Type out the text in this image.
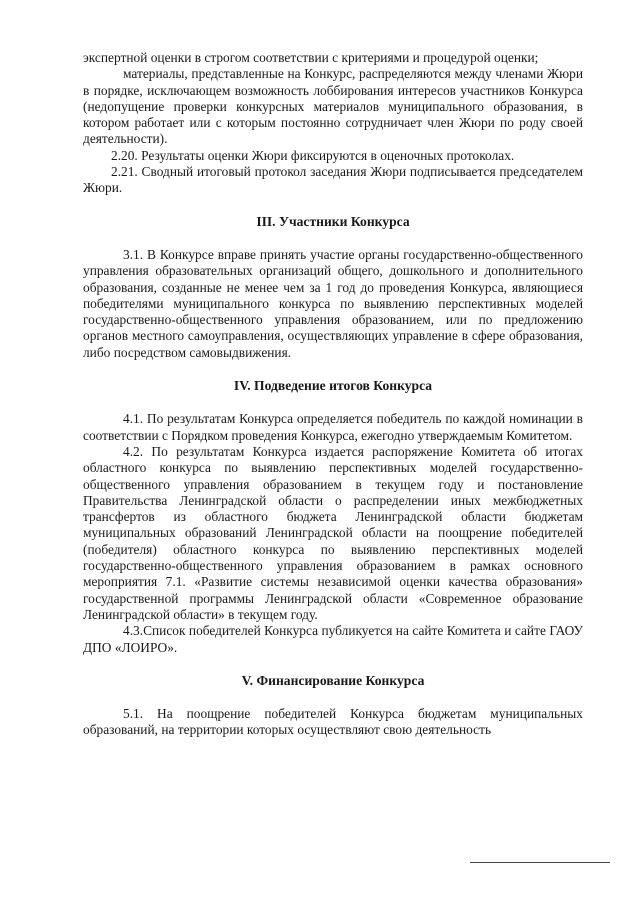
экспертной оценки в строгом соответствии с критериями и процедурой оценки;

материалы, представленные на Конкурс, распределяются между членами Жюри в порядке, исключающем возможность лоббирования интересов участников Конкурса (недопущение проверки конкурсных материалов муниципального образования, в котором работает или с которым постоянно сотрудничает член Жюри по роду своей деятельности).

2.20. Результаты оценки Жюри фиксируются в оценочных протоколах.

2.21. Сводный итоговый протокол заседания Жюри подписывается председателем Жюри.

III. Участники Конкурса

3.1. В Конкурсе вправе принять участие органы государственно-общественного управления образовательных организаций общего, дошкольного и дополнительного образования, созданные не менее чем за 1 год до проведения Конкурса, являющиеся победителями муниципального конкурса по выявлению перспективных моделей государственно-общественного управления образованием, или по предложению органов местного самоуправления, осуществляющих управление в сфере образования, либо посредством самовыдвижения.

IV. Подведение итогов Конкурса

4.1. По результатам Конкурса определяется победитель по каждой номинации в соответствии с Порядком проведения Конкурса, ежегодно утверждаемым Комитетом.

4.2. По результатам Конкурса издается распоряжение Комитета об итогах областного конкурса по выявлению перспективных моделей государственно-общественного управления образованием в текущем году и постановление Правительства Ленинградской области о распределении иных межбюджетных трансфертов из областного бюджета Ленинградской области бюджетам муниципальных образований Ленинградской области на поощрение победителей (победителя) областного конкурса по выявлению перспективных моделей государственно-общественного управления образованием в рамках основного мероприятия 7.1. «Развитие системы независимой оценки качества образования» государственной программы Ленинградской области «Современное образование Ленинградской области» в текущем году.

4.3.Список победителей Конкурса публикуется на сайте Комитета и сайте ГАОУ ДПО «ЛОИРО».

V. Финансирование Конкурса

5.1. На поощрение победителей Конкурса бюджетам муниципальных образований, на территории которых осуществляют свою деятельность
